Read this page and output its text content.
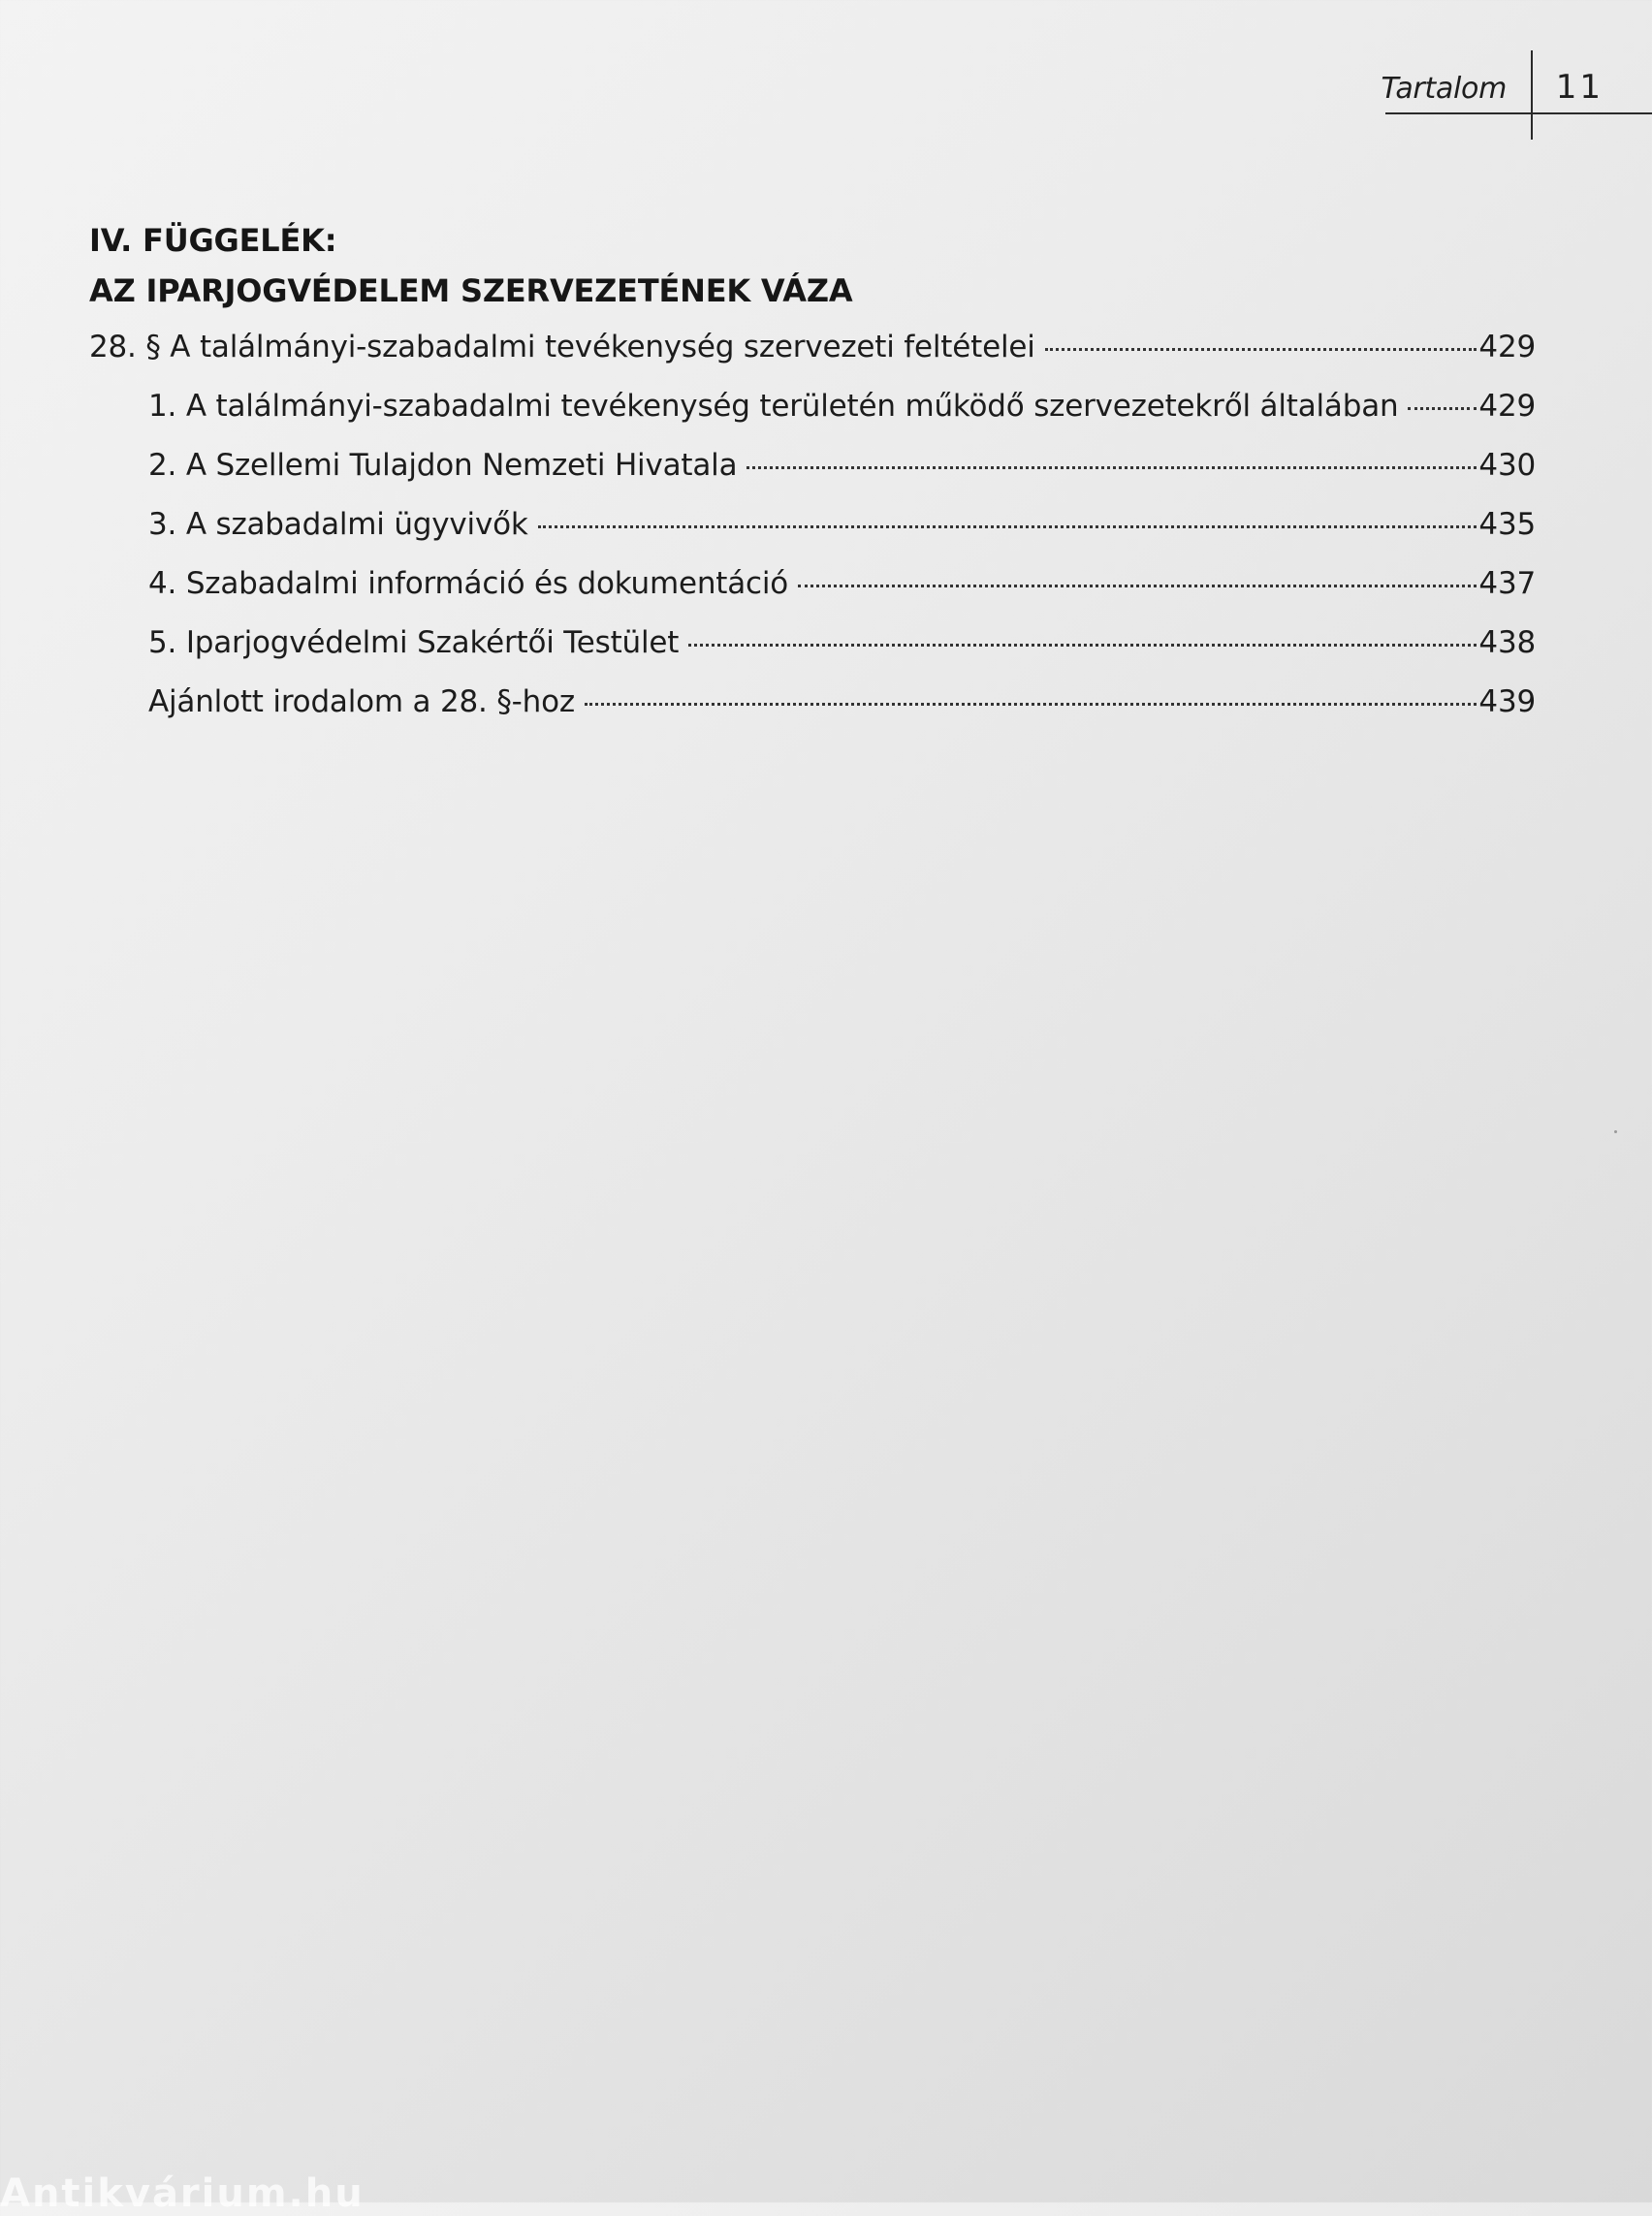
Tartalom 11
IV. FÜGGELÉK:
AZ IPARJOGVÉDELEM SZERVEZETÉNEK VÁZA
28. § A találmányi-szabadalmi tevékenység szervezeti feltételei	429
1. A találmányi-szabadalmi tevékenység területén működő szervezetekről általában	429
2. A Szellemi Tulajdon Nemzeti Hivatala	430
3. A szabadalmi ügyvivők	435
4. Szabadalmi információ és dokumentáció	437
5. Iparjogvédelmi Szakértői Testület	438
Ajánlott irodalom a 28. §-hoz	439
Antikvárium.hu
